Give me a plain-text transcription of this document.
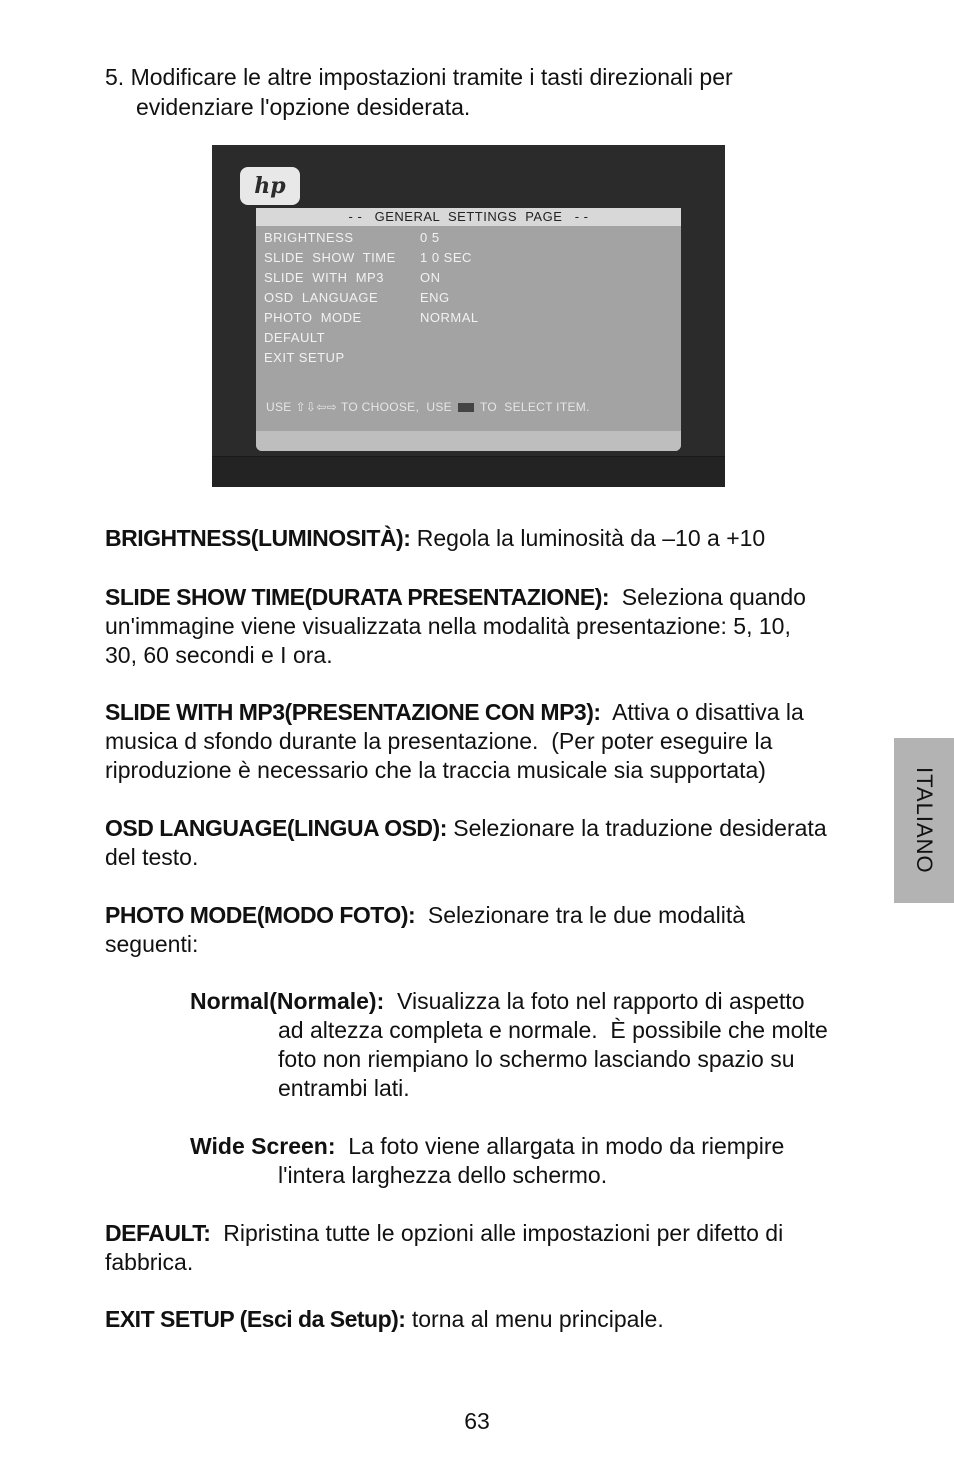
5. Modificare le altre impostazioni tramite i tasti direzionali per
evidenziare l'opzione desiderata.
hp
- -   GENERAL  SETTINGS  PAGE   - -
BRIGHTNESS	0 5
SLIDE  SHOW  TIME	1 0 SEC
SLIDE  WITH  MP3	ON
OSD  LANGUAGE	ENG
PHOTO  MODE	NORMAL
DEFAULT
EXIT SETUP
USE ⇧⇩⇦⇨ TO CHOOSE,  USE TO  SELECT ITEM.
BRIGHTNESS(LUMINOSITÀ): Regola la luminosità da –10 a +10
SLIDE SHOW TIME(DURATA PRESENTAZIONE): Seleziona quando
un'immagine viene visualizzata nella modalità presentazione: 5, 10,
30, 60 secondi e I ora.
SLIDE WITH MP3(PRESENTAZIONE CON MP3): Attiva o disattiva la
musica d sfondo durante la presentazione.  (Per poter eseguire la
riproduzione è necessario che la traccia musicale sia supportata)
OSD LANGUAGE(LINGUA OSD): Selezionare la traduzione desiderata
del testo.
PHOTO MODE(MODO FOTO): Selezionare tra le due modalità
seguenti:
Normal(Normale): Visualizza la foto nel rapporto di aspetto
ad altezza completa e normale.  È possibile che molte
foto non riempiano lo schermo lasciando spazio su
entrambi lati.
Wide Screen: La foto viene allargata in modo da riempire
l'intera larghezza dello schermo.
DEFAULT: Ripristina tutte le opzioni alle impostazioni per difetto di
fabbrica.
EXIT SETUP (Esci da Setup): torna al menu principale.
ITALIANO
63
